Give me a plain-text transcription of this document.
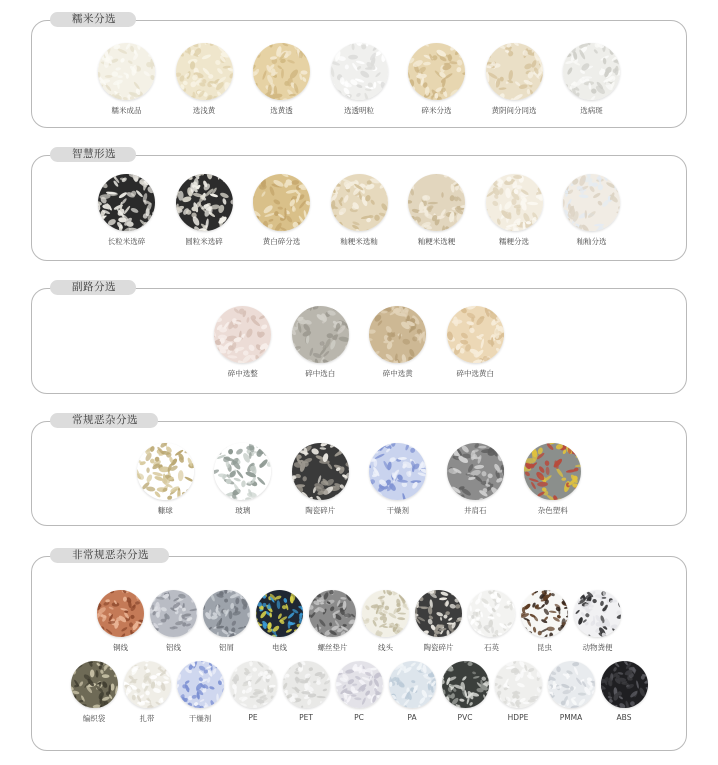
糯米分选
糯米成品	选浅黄	选黄透	选透明粒	碎米分选	黄阴间分同选	选病斑
智慧形选
长粒米选碎	圆粒米选碎	黄白碎分选	籼粳米选籼	籼粳米选粳	糯粳分选	籼籼分选
副路分选
碎中选整	碎中选白	碎中选黄	碎中选黄白
常规恶杂分选
糠球	玻璃	陶瓷碎片	干燥剂	井肩石	杂色塑料
非常规恶杂分选
铜线	铝线	铝屑	电线	螺丝垫片	线头	陶瓷碎片	石英	昆虫	动物粪便
编织袋	扎带	干燥剂	PE	PET	PC	PA	PVC	HDPE	PMMA	ABS
